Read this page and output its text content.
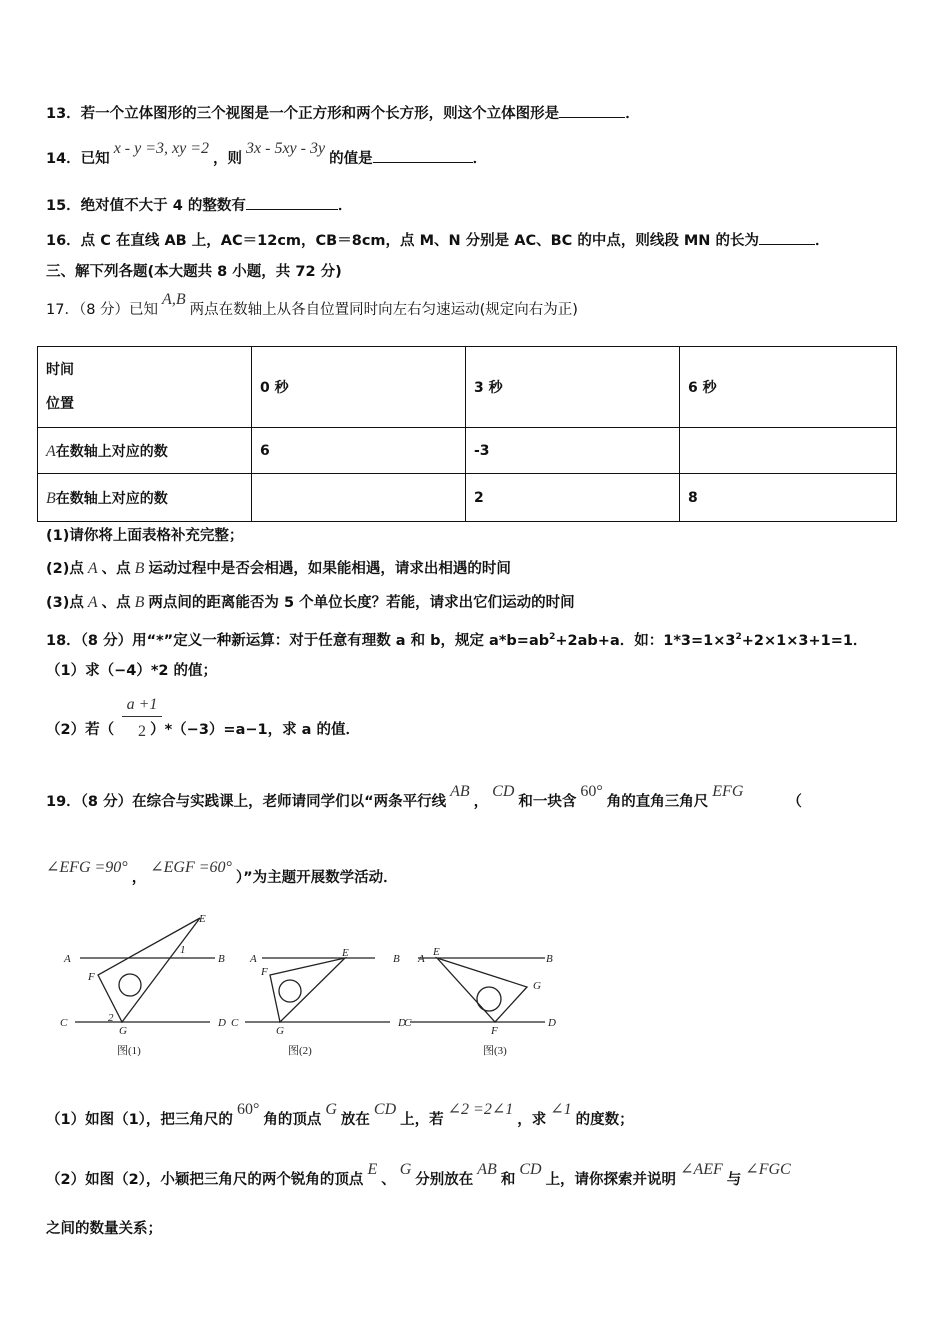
13．若一个立体图形的三个视图是一个正方形和两个长方形，则这个立体图形是	．
14．已知x - y =3, xy =2，则3x - 5xy - 3y的值是	．
15．绝对值不大于 4 的整数有	．
16．点 C 在直线 AB 上，AC＝12cm，CB＝8cm，点 M、N 分别是 AC、BC 的中点，则线段 MN 的长为	．
三、解下列各题(本大题共 8 小题，共 72 分)
17．（8 分）已知A,B两点在数轴上从各自位置同时向左右匀速运动(规定向右为正)
时间
位置	0 秒	3 秒	6 秒
A在数轴上对应的数	6	-3	
B在数轴上对应的数		2	8
(1)请你将上面表格补充完整；
(2)点 A 、点 B 运动过程中是否会相遇，如果能相遇，请求出相遇的时间
(3)点 A 、点 B 两点间的距离能否为 5 个单位长度？若能，请求出它们运动的时间
18．（8 分）用“*”定义一种新运算：对于任意有理数 a 和 b，规定 $a*b=ab^2+2ab+a$．如：$1*3=1\times 3^2+2\times 1\times 3+1=1$．
（1）求（−4）*2 的值；
$\frac{a +1}{2}$
（2）若（ ）*（−3）=a−1，求 a 的值．
19．（8 分）在综合与实践课上，老师请同学们以“两条平行线AB，CD和一块含60°角的直角三角尺EFG（
∠EFG =90°，∠EGF =60°）”为主题开展数学活动．
A	B
C	D
E
F
G
1
2
图(1)
A	B
C	D
E
F
G
图(2)
A	B
C	D
E
F
G
图(3)
（1）如图（1），把三角尺的60°角的顶点G放在CD上，若∠2 =2∠1，求∠1的度数；
（2）如图（2），小颖把三角尺的两个锐角的顶点E、G分别放在AB和CD上，请你探索并说明∠AEF与∠FGC
之间的数量关系；
